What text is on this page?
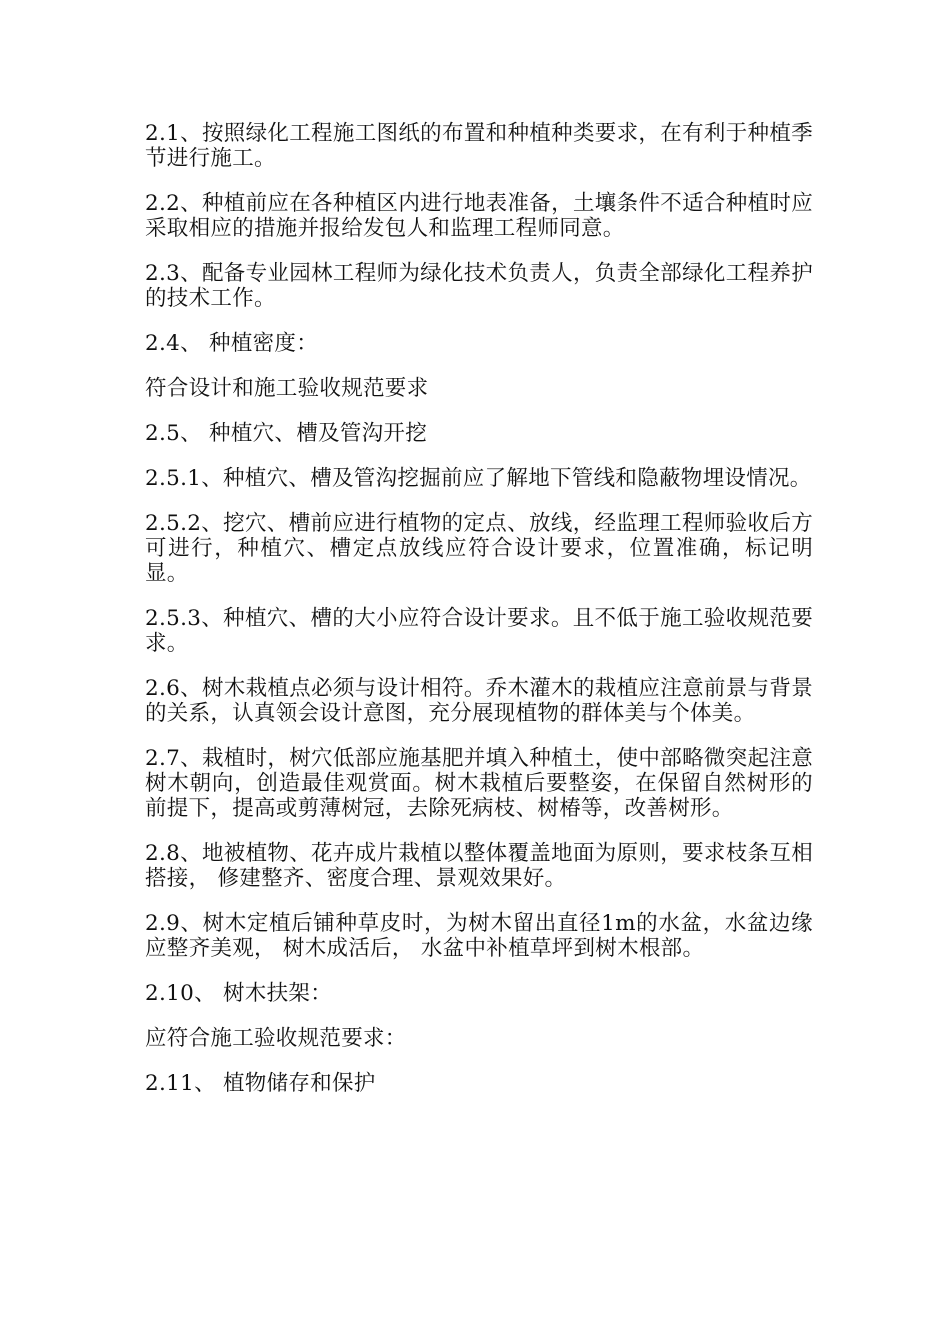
2.1、按照绿化工程施工图纸的布置和种植种类要求，在有利于种植季节进行施工。

2.2、种植前应在各种植区内进行地表准备，土壤条件不适合种植时应采取相应的措施并报给发包人和监理工程师同意。

2.3、配备专业园林工程师为绿化技术负责人，负责全部绿化工程养护的技术工作。

2.4、 种植密度：

符合设计和施工验收规范要求

2.5、 种植穴、槽及管沟开挖

2.5.1、种植穴、槽及管沟挖掘前应了解地下管线和隐蔽物埋设情况。

2.5.2、挖穴、槽前应进行植物的定点、放线，经监理工程师验收后方可进行，种植穴、槽定点放线应符合设计要求，位置准确，标记明显。

2.5.3、种植穴、槽的大小应符合设计要求。且不低于施工验收规范要求。

2.6、树木栽植点必须与设计相符。乔木灌木的栽植应注意前景与背景的关系，认真领会设计意图，充分展现植物的群体美与个体美。

2.7、栽植时，树穴低部应施基肥并填入种植土，使中部略微突起注意树木朝向，创造最佳观赏面。树木栽植后要整姿，在保留自然树形的前提下，提高或剪薄树冠，去除死病枝、树椿等，改善树形。

2.8、地被植物、花卉成片栽植以整体覆盖地面为原则，要求枝条互相搭接， 修建整齐、密度合理、景观效果好。

2.9、树木定植后铺种草皮时，为树木留出直径1m的水盆，水盆边缘应整齐美观， 树木成活后， 水盆中补植草坪到树木根部。

2.10、 树木扶架：

应符合施工验收规范要求：

2.11、 植物储存和保护
